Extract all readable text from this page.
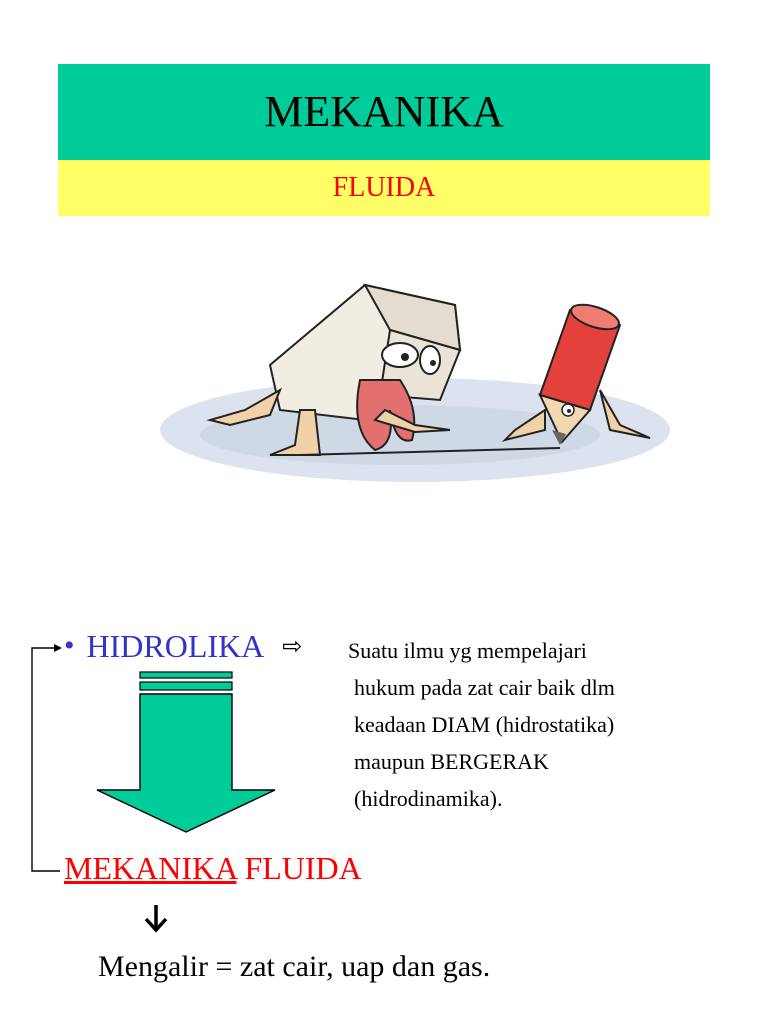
MEKANIKA
FLUIDA
• HIDROLIKA ⇨ Suatu ilmu yg mempelajari
hukum pada zat cair baik dlm
keadaan DIAM (hidrostatika)
maupun BERGERAK
(hidrodinamika).
MEKANIKA FLUIDA
Mengalir = zat cair, uap dan gas.
